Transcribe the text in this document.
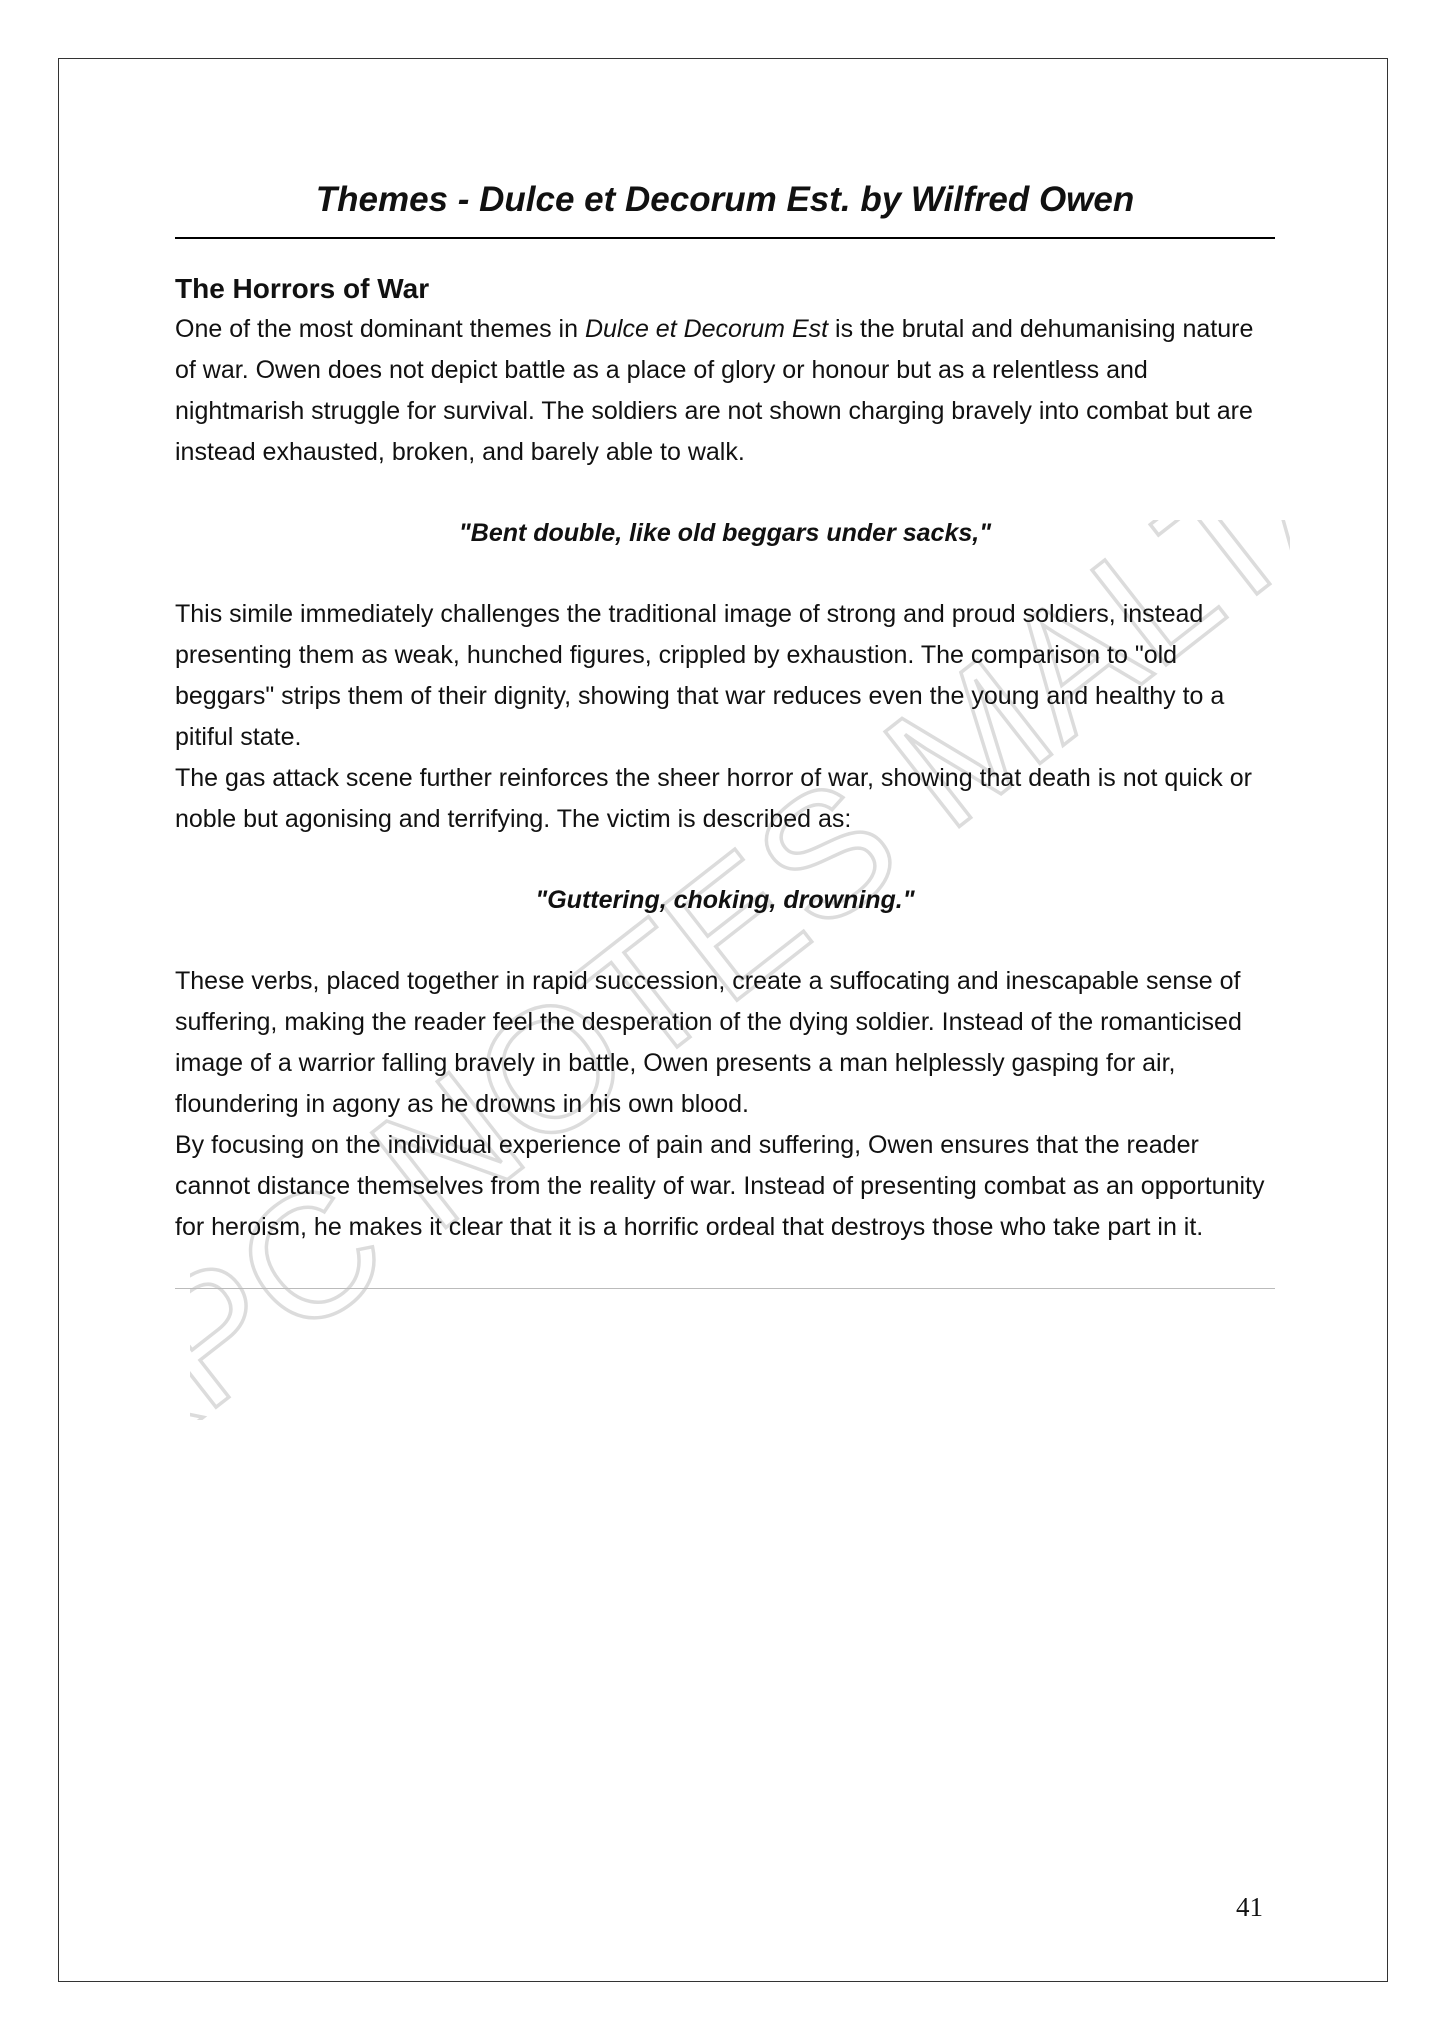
KPC NOTES MALTA
Themes - Dulce et Decorum Est. by Wilfred Owen
The Horrors of War

One of the most dominant themes in Dulce et Decorum Est is the brutal and dehumanising nature of war. Owen does not depict battle as a place of glory or honour but as a relentless and nightmarish struggle for survival. The soldiers are not shown charging bravely into combat but are instead exhausted, broken, and barely able to walk.

"Bent double, like old beggars under sacks,"

This simile immediately challenges the traditional image of strong and proud soldiers, instead presenting them as weak, hunched figures, crippled by exhaustion. The comparison to "old beggars" strips them of their dignity, showing that war reduces even the young and healthy to a pitiful state.

The gas attack scene further reinforces the sheer horror of war, showing that death is not quick or noble but agonising and terrifying. The victim is described as:

"Guttering, choking, drowning."

These verbs, placed together in rapid succession, create a suffocating and inescapable sense of suffering, making the reader feel the desperation of the dying soldier. Instead of the romanticised image of a warrior falling bravely in battle, Owen presents a man helplessly gasping for air, floundering in agony as he drowns in his own blood.

By focusing on the individual experience of pain and suffering, Owen ensures that the reader cannot distance themselves from the reality of war. Instead of presenting combat as an opportunity for heroism, he makes it clear that it is a horrific ordeal that destroys those who take part in it.

41
